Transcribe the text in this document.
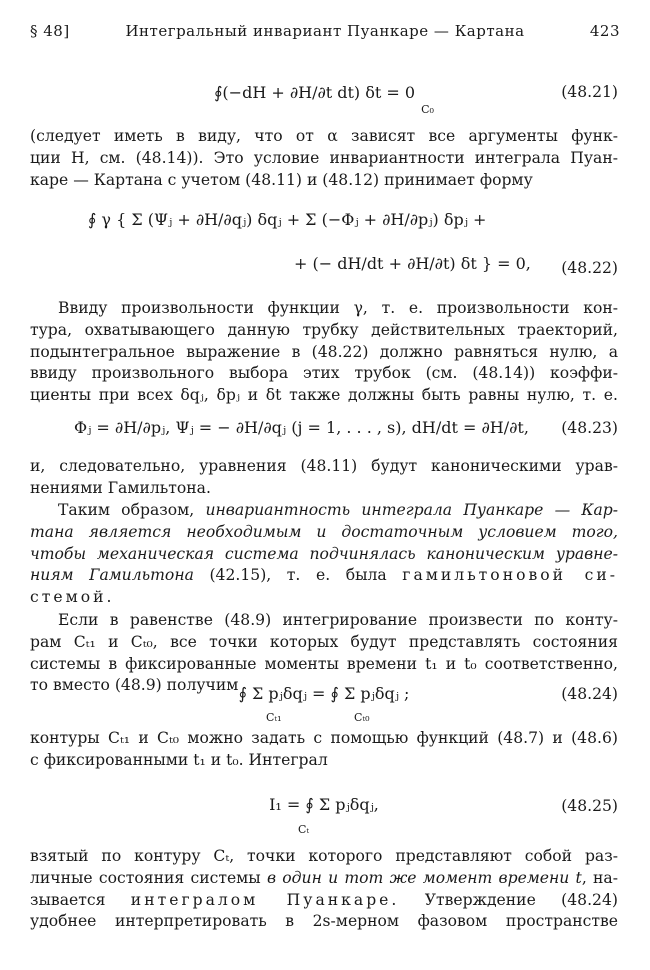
§ 48]	Интегральный инвариант Пуанкаре — Картана	423
∮(−dH + ∂H/∂t dt) δt = 0
C₀
(48.21)
(следует иметь в виду, что от α зависят все аргументы функ-
ции H, см. (48.14)). Это условие инвариантности интеграла Пуан-
каре — Картана с учетом (48.11) и (48.12) принимает форму
∮ γ { Σ (Ψⱼ + ∂H/∂qⱼ) δqⱼ + Σ (−Φⱼ + ∂H/∂pⱼ) δpⱼ +
+ (− dH/dt + ∂H/∂t) δt } = 0, (48.22)
Ввиду произвольности функции γ, т. е. произвольности кон-
тура, охватывающего данную трубку действительных траекторий,
подынтегральное выражение в (48.22) должно равняться нулю, а
ввиду произвольного выбора этих трубок (см. (48.14)) коэффи-
циенты при всех δqⱼ, δpⱼ и δt также должны быть равны нулю, т. е.
Φⱼ = ∂H/∂pⱼ, Ψⱼ = − ∂H/∂qⱼ (j = 1, . . . , s), dH/dt = ∂H/∂t, (48.23)
и, следовательно, уравнения (48.11) будут каноническими урав-
нениями Гамильтона.
Таким образом, инвариантность интеграла Пуанкаре — Кар-
тана является необходимым и достаточным условием того,
чтобы механическая система подчинялась каноническим уравне-
ниям Гамильтона (42.15), т. е. была гамильтоновой си-
стемой.
Если в равенстве (48.9) интегрирование произвести по конту-
рам Cₜ₁ и Cₜ₀, все точки которых будут представлять состояния
системы в фиксированные моменты времени t₁ и t₀ соответственно,
то вместо (48.9) получим ∮ Σ pⱼδqⱼ = ∮ Σ pⱼδqⱼ ;	(48.24)
Cₜ₁	Cₜ₀
контуры Cₜ₁ и Cₜ₀ можно задать с помощью функций (48.7) и (48.6)
с фиксированными t₁ и t₀. Интеграл
I₁ = ∮ Σ pⱼδqⱼ,	(48.25)
Cₜ
взятый по контуру Cₜ, точки которого представляют собой раз-
личные состояния системы в один и тот же момент времени t, на-
зывается интегралом Пуанкаре. Утверждение (48.24)
удобнее интерпретировать в 2s-мерном фазовом пространстве
